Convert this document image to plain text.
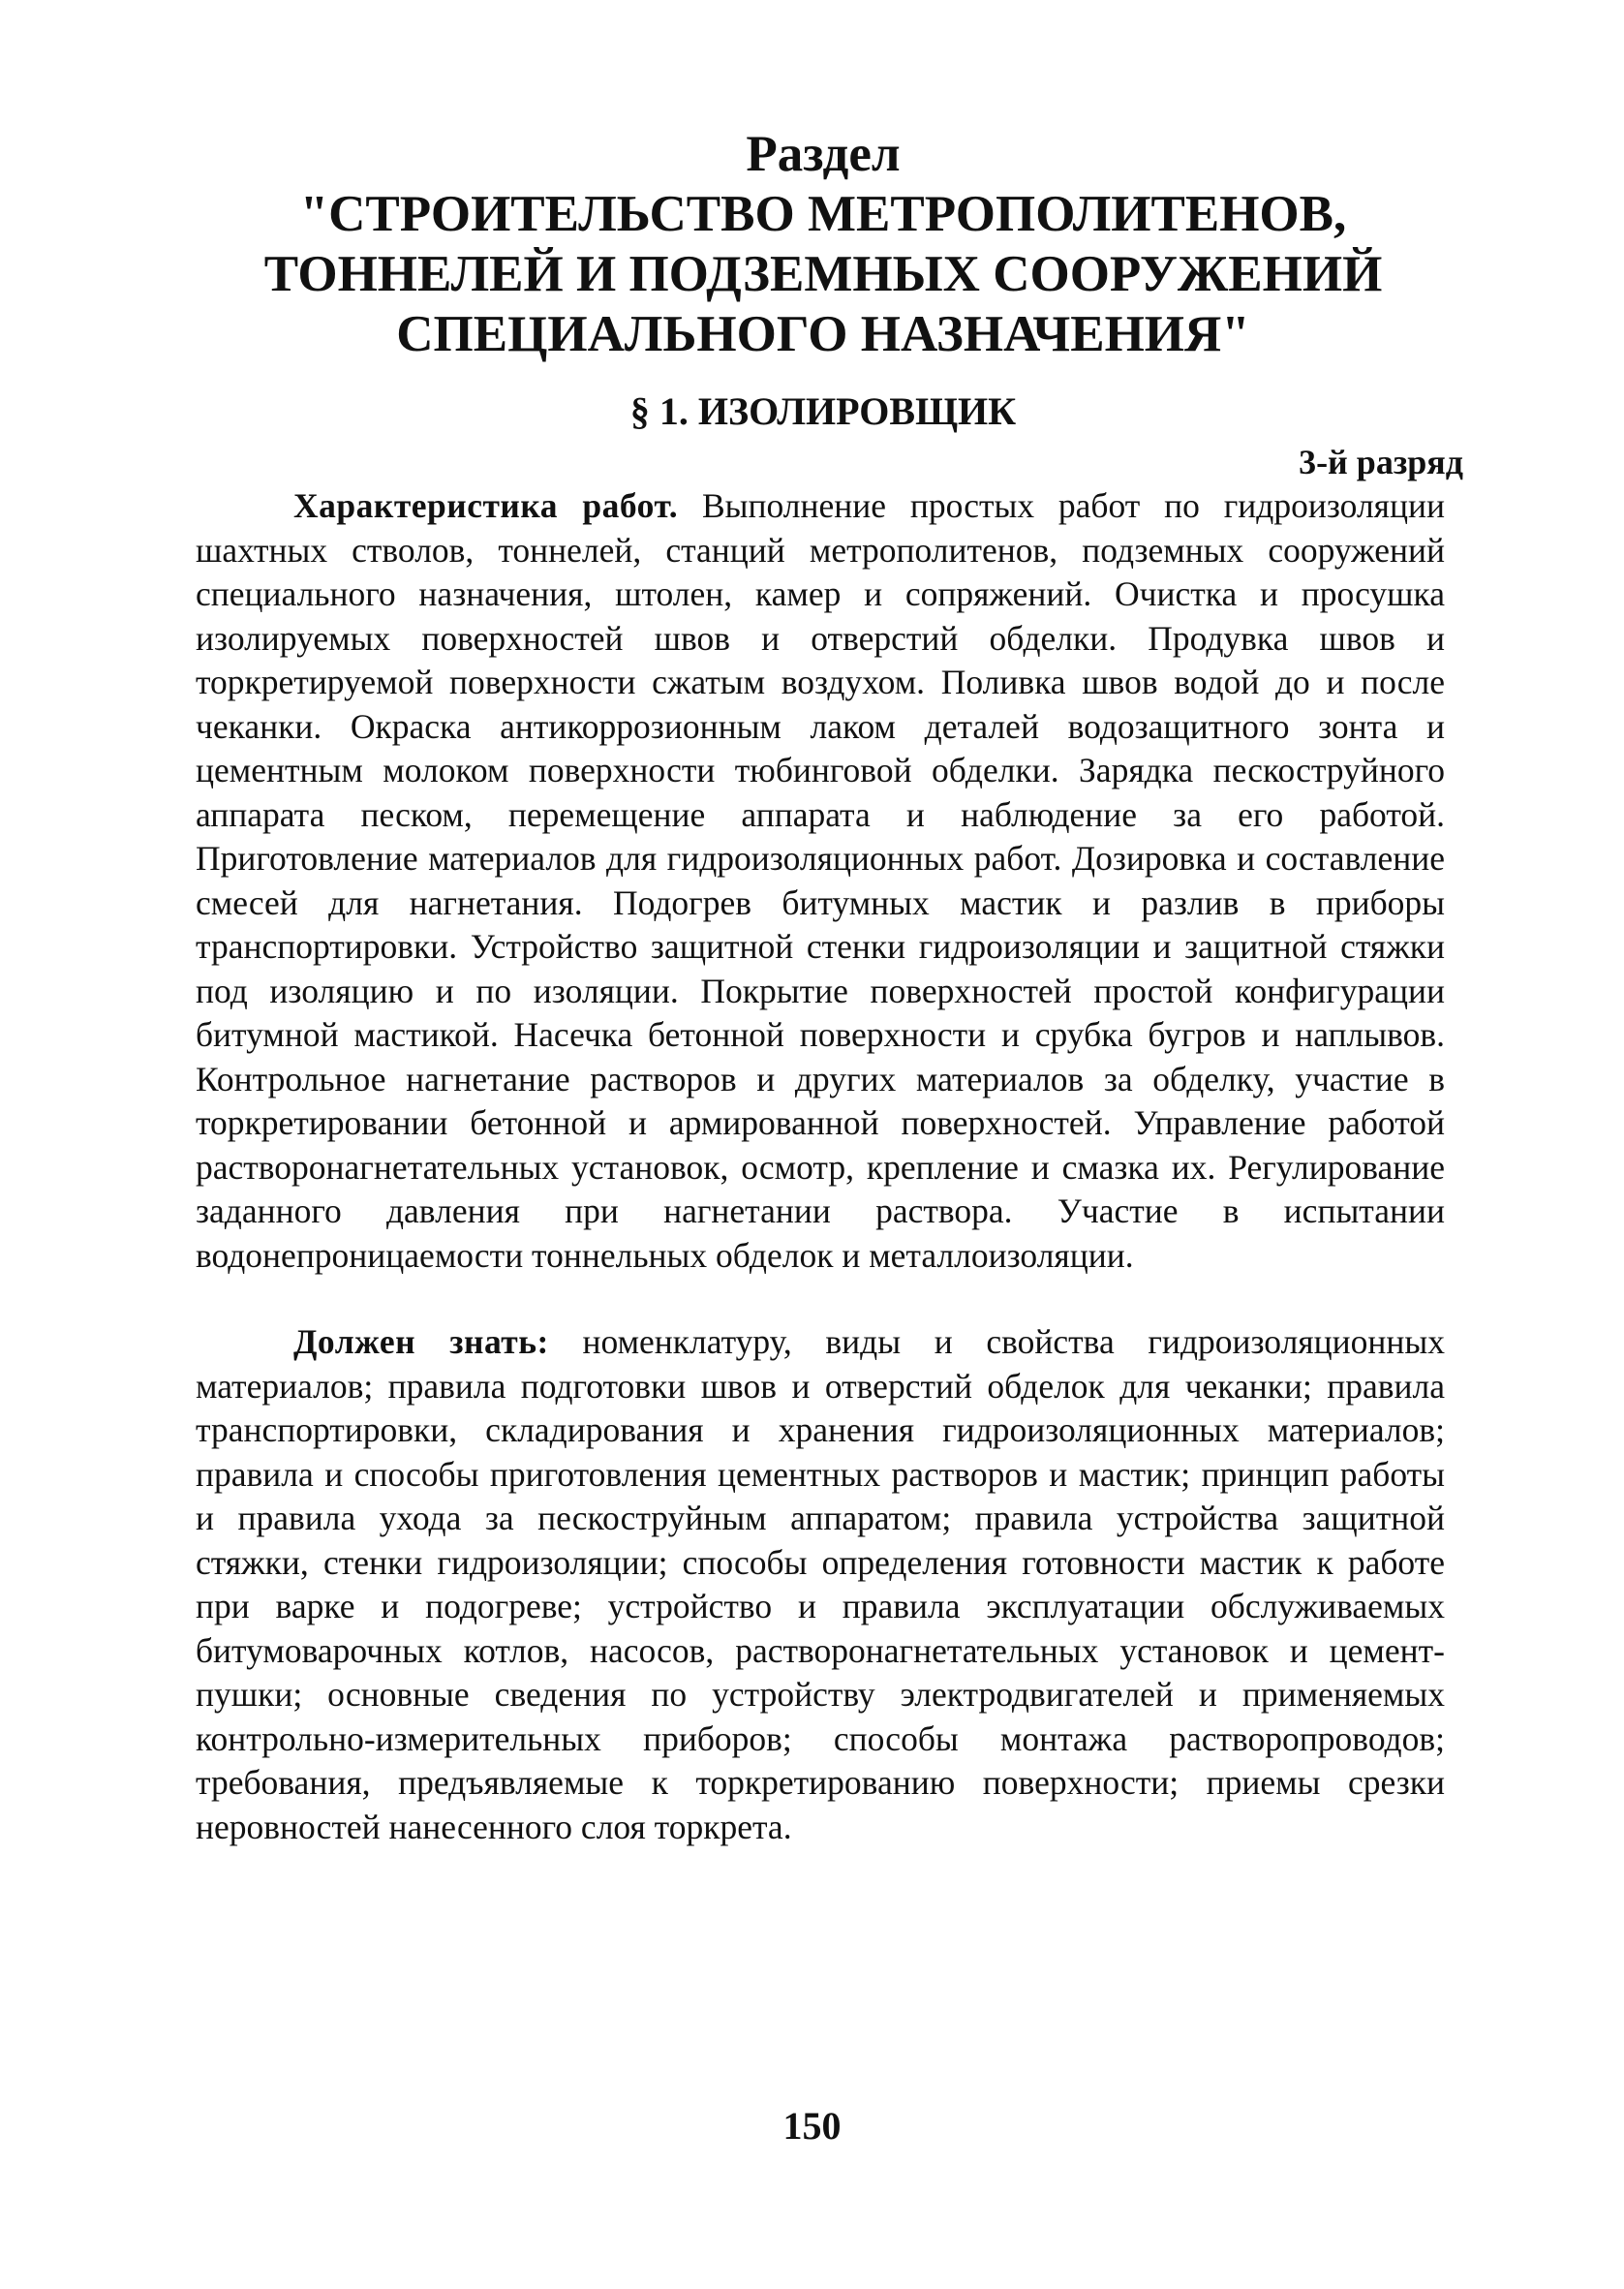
Раздел
"СТРОИТЕЛЬСТВО МЕТРОПОЛИТЕНОВ,
ТОННЕЛЕЙ И ПОДЗЕМНЫХ СООРУЖЕНИЙ
СПЕЦИАЛЬНОГО НАЗНАЧЕНИЯ"
§ 1. ИЗОЛИРОВЩИК
3-й разряд

Характеристика работ. Выполнение простых работ по гидроизоляции шахтных стволов, тоннелей, станций метрополитенов, подземных сооружений специального назначения, штолен, камер и сопряжений. Очистка и просушка изолируемых поверхностей швов и отверстий обделки. Продувка швов и торкретируемой поверхности сжатым воздухом. Поливка швов водой до и после чеканки. Окраска антикоррозионным лаком деталей водозащитного зонта и цементным молоком поверхности тюбинговой обделки. Зарядка пескоструйного аппарата песком, перемещение аппарата и наблюдение за его работой. Приготовление материалов для гидроизоляционных работ. Дозировка и составление смесей для нагнетания. Подогрев битумных мастик и разлив в приборы транспортировки. Устройство защитной стенки гидроизоляции и защитной стяжки под изоляцию и по изоляции. Покрытие поверхностей простой конфигурации битумной мастикой. Насечка бетонной поверхности и срубка бугров и наплывов. Контрольное нагнетание растворов и других материалов за обделку, участие в торкретировании бетонной и армированной поверхностей. Управление работой растворонагнетательных установок, осмотр, крепление и смазка их. Регулирование заданного давления при нагнетании раствора. Участие в испытании водонепроницаемости тоннельных обделок и металлоизоляции.

Должен знать: номенклатуру, виды и свойства гидроизоляционных материалов; правила подготовки швов и отверстий обделок для чеканки; правила транспортировки, складирования и хранения гидроизоляционных материалов; правила и способы приготовления цементных растворов и мастик; принцип работы и правила ухода за пескоструйным аппаратом; правила устройства защитной стяжки, стенки гидроизоляции; способы определения готовности мастик к работе при варке и подогреве; устройство и правила эксплуатации обслуживаемых битумоварочных котлов, насосов, растворонагнетательных установок и цемент-пушки; основные сведения по устройству электродвигателей и применяемых контрольно-измерительных приборов; способы монтажа растворопроводов; требования, предъявляемые к торкретированию поверхности; приемы срезки неровностей нанесенного слоя торкрета.

150
